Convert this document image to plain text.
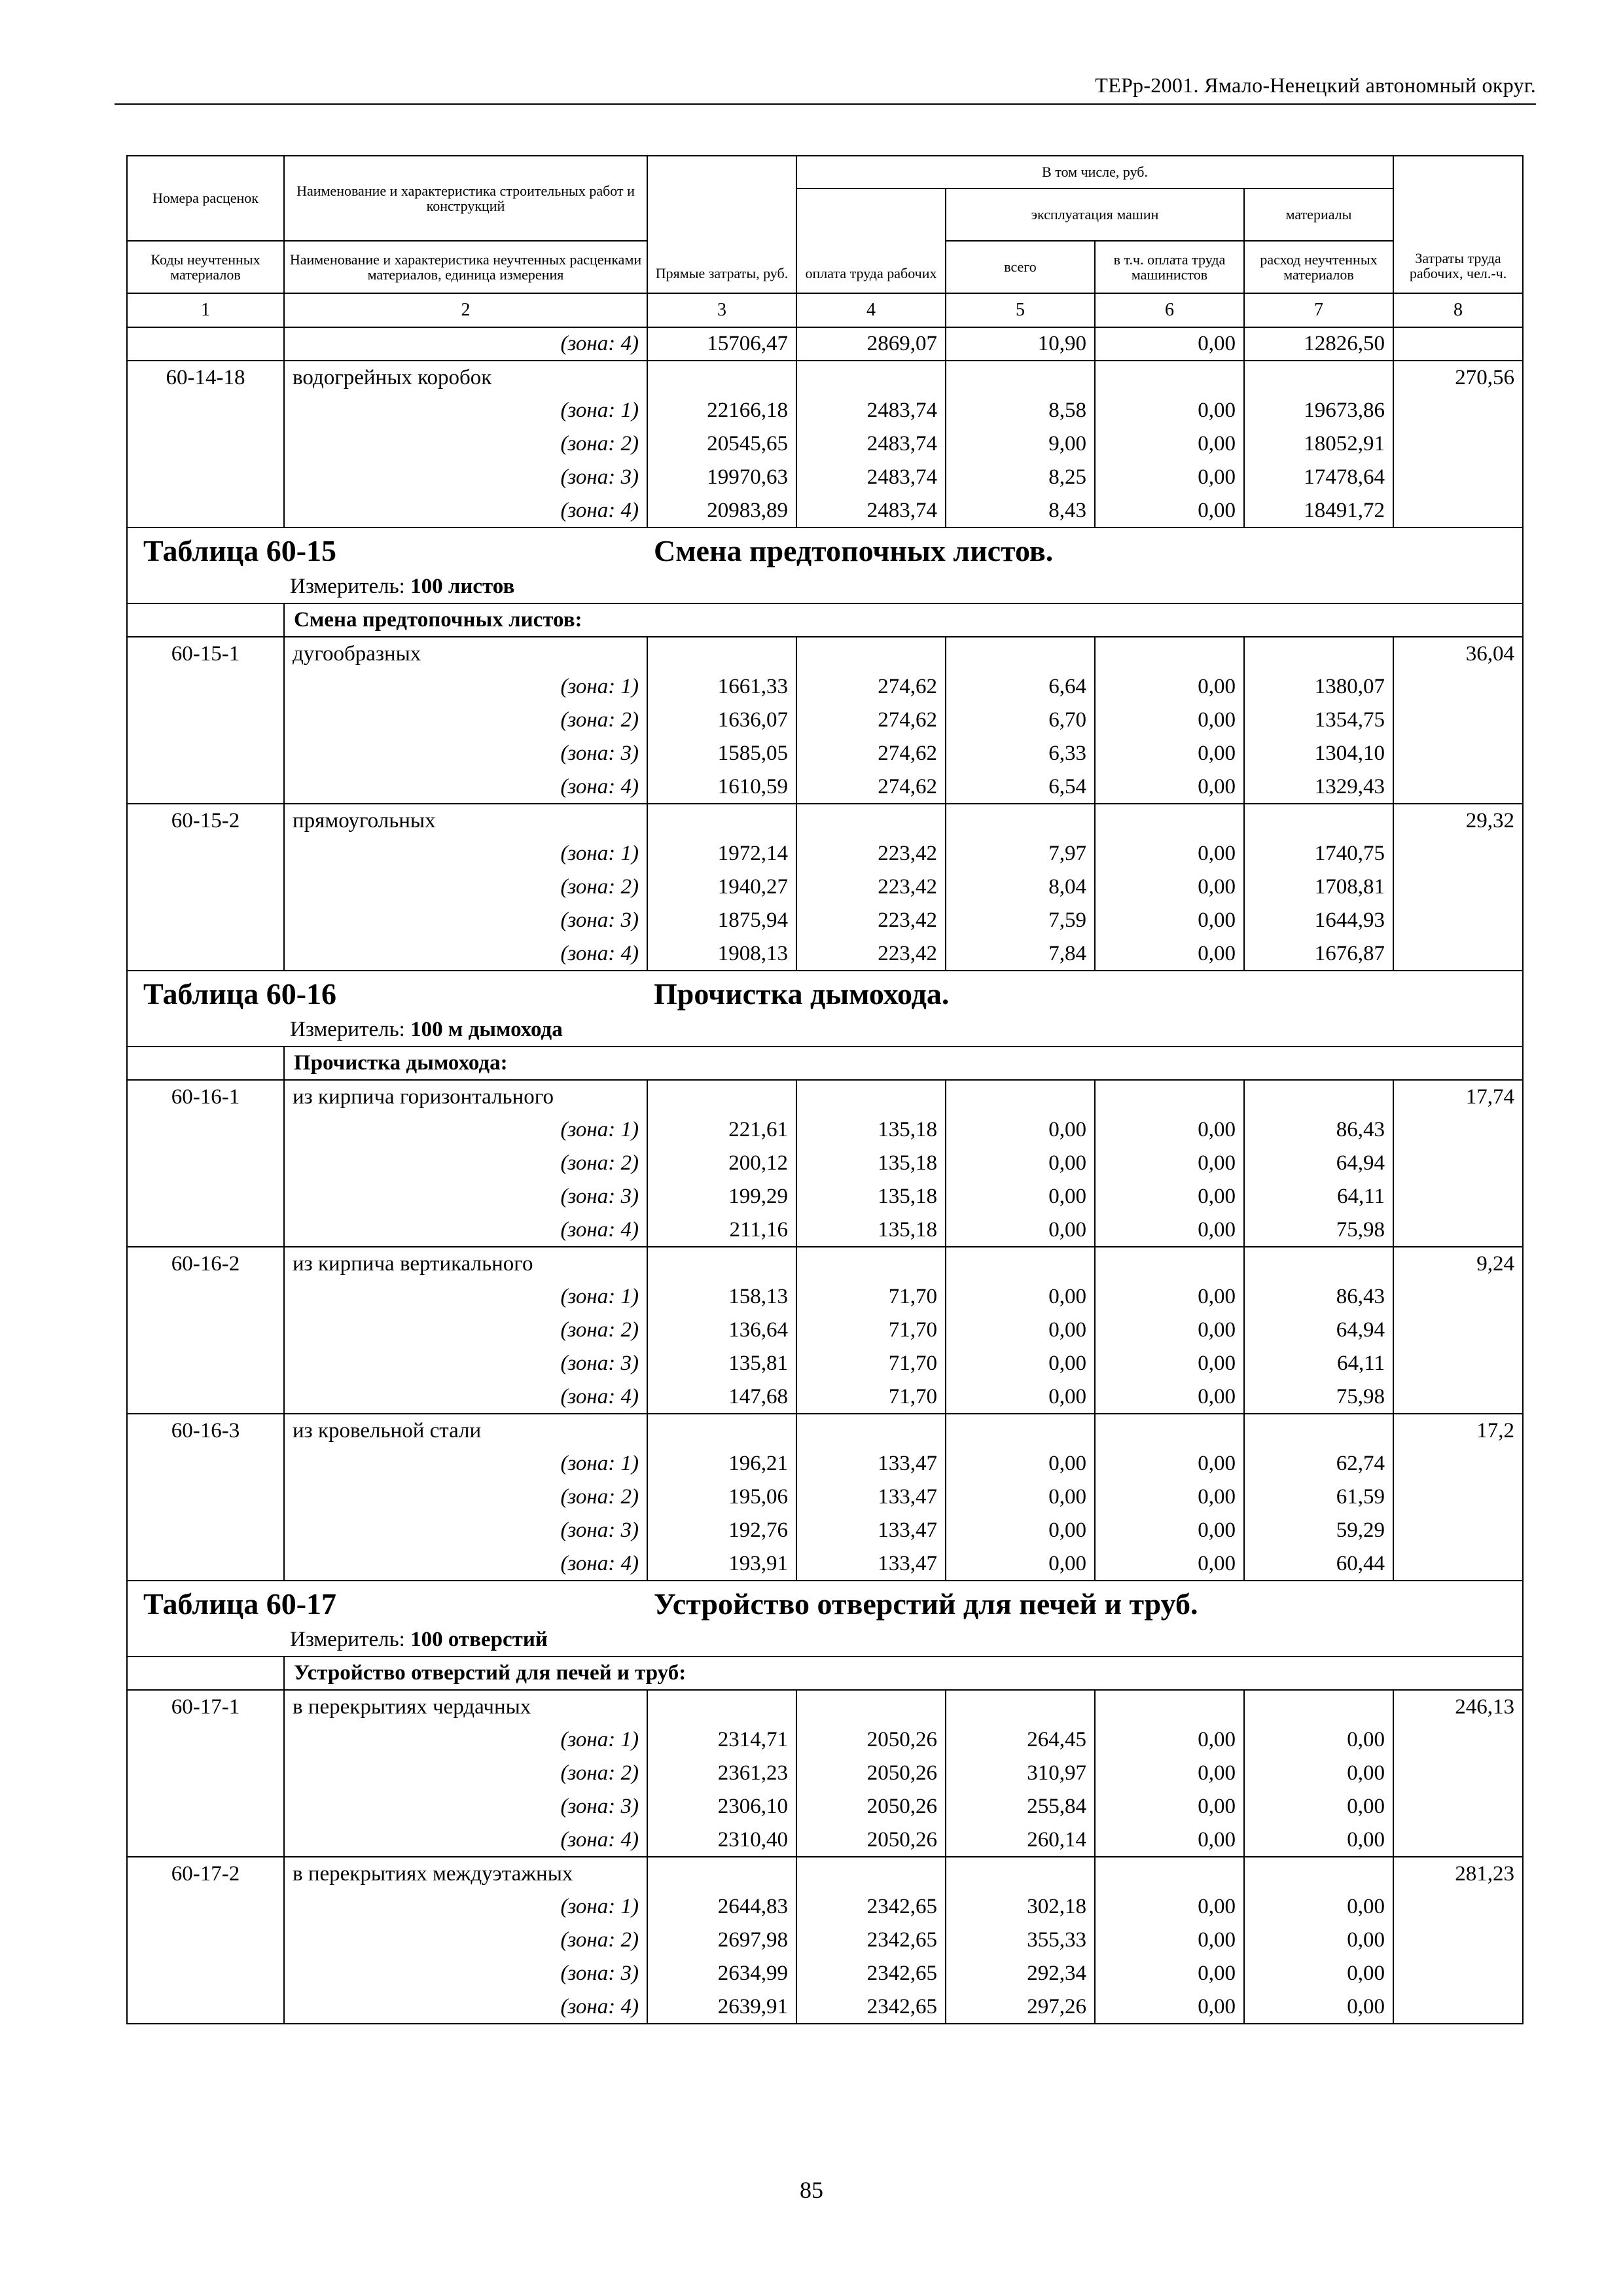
ТЕРр-2001. Ямало-Ненецкий автономный округ.
Номера расценок	Наименование и характеристика строительных работ и конструкций	Прямые затраты, руб.	В том числе, руб.				Затраты труда рабочих, чел.-ч.
			оплата труда рабочих	эксплуатация машин		материалы	
Коды неучтенных материалов	Наименование и характеристика неучтенных расценками материалов, единица измерения			всего	в т.ч. оплата труда машинистов	расход неучтенных материалов	

1	2	3	4	5	6	7	8
	(зона: 4)	15706,47	2869,07	10,90	0,00	12826,50	
60-14-18	водогрейных коробок						270,56
	(зона: 1)	22166,18	2483,74	8,58	0,00	19673,86	
	(зона: 2)	20545,65	2483,74	9,00	0,00	18052,91	
	(зона: 3)	19970,63	2483,74	8,25	0,00	17478,64	
	(зона: 4)	20983,89	2483,74	8,43	0,00	18491,72	
Таблица 60-15 Смена предтопочных листов.							
Измеритель: 100 листов							
	Смена предтопочных листов:						
60-15-1	дугообразных						36,04
	(зона: 1)	1661,33	274,62	6,64	0,00	1380,07	
	(зона: 2)	1636,07	274,62	6,70	0,00	1354,75	
	(зона: 3)	1585,05	274,62	6,33	0,00	1304,10	
	(зона: 4)	1610,59	274,62	6,54	0,00	1329,43	
60-15-2	прямоугольных						29,32
	(зона: 1)	1972,14	223,42	7,97	0,00	1740,75	
	(зона: 2)	1940,27	223,42	8,04	0,00	1708,81	
	(зона: 3)	1875,94	223,42	7,59	0,00	1644,93	
	(зона: 4)	1908,13	223,42	7,84	0,00	1676,87	
Таблица 60-16 Прочистка дымохода.							
Измеритель: 100 м дымохода							
	Прочистка дымохода:						
60-16-1	из кирпича горизонтального						17,74
	(зона: 1)	221,61	135,18	0,00	0,00	86,43	
	(зона: 2)	200,12	135,18	0,00	0,00	64,94	
	(зона: 3)	199,29	135,18	0,00	0,00	64,11	
	(зона: 4)	211,16	135,18	0,00	0,00	75,98	
60-16-2	из кирпича вертикального						9,24
	(зона: 1)	158,13	71,70	0,00	0,00	86,43	
	(зона: 2)	136,64	71,70	0,00	0,00	64,94	
	(зона: 3)	135,81	71,70	0,00	0,00	64,11	
	(зона: 4)	147,68	71,70	0,00	0,00	75,98	
60-16-3	из кровельной стали						17,2
	(зона: 1)	196,21	133,47	0,00	0,00	62,74	
	(зона: 2)	195,06	133,47	0,00	0,00	61,59	
	(зона: 3)	192,76	133,47	0,00	0,00	59,29	
	(зона: 4)	193,91	133,47	0,00	0,00	60,44	
Таблица 60-17 Устройство отверстий для печей и труб.							
Измеритель: 100 отверстий							
	Устройство отверстий для печей и труб:						
60-17-1	в перекрытиях чердачных						246,13
	(зона: 1)	2314,71	2050,26	264,45	0,00	0,00	
	(зона: 2)	2361,23	2050,26	310,97	0,00	0,00	
	(зона: 3)	2306,10	2050,26	255,84	0,00	0,00	
	(зона: 4)	2310,40	2050,26	260,14	0,00	0,00	
60-17-2	в перекрытиях междуэтажных						281,23
	(зона: 1)	2644,83	2342,65	302,18	0,00	0,00	
	(зона: 2)	2697,98	2342,65	355,33	0,00	0,00	
	(зона: 3)	2634,99	2342,65	292,34	0,00	0,00	
	(зона: 4)	2639,91	2342,65	297,26	0,00	0,00	
85
